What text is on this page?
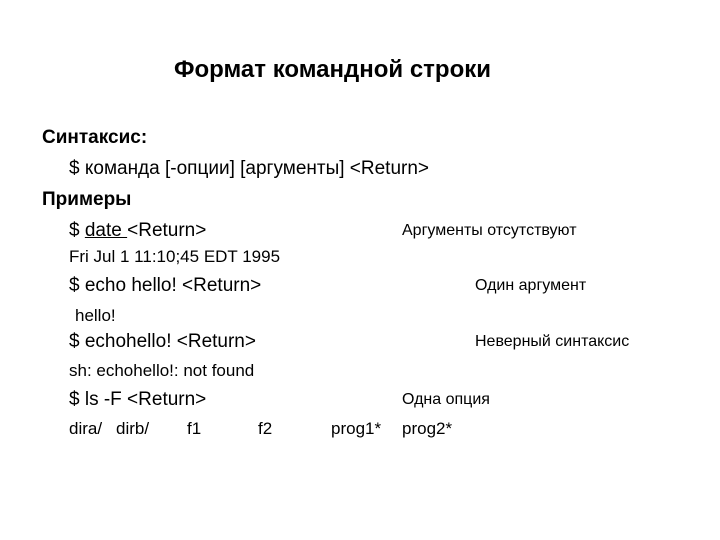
Формат командной строки
Синтаксис:
$ команда [-опции] [аргументы] <Return>
Примеры
$ date <Return>	Аргументы отсутствуют
Fri Jul 1 11:10;45 EDT 1995
$ echo hello! <Return>	Один аргумент
hello!
$ echohello! <Return>	Неверный синтаксис
sh: echohello!: not found
$ ls -F <Return>	Одна опция
dira/ dirb/ f1	f2	prog1* prog2*
